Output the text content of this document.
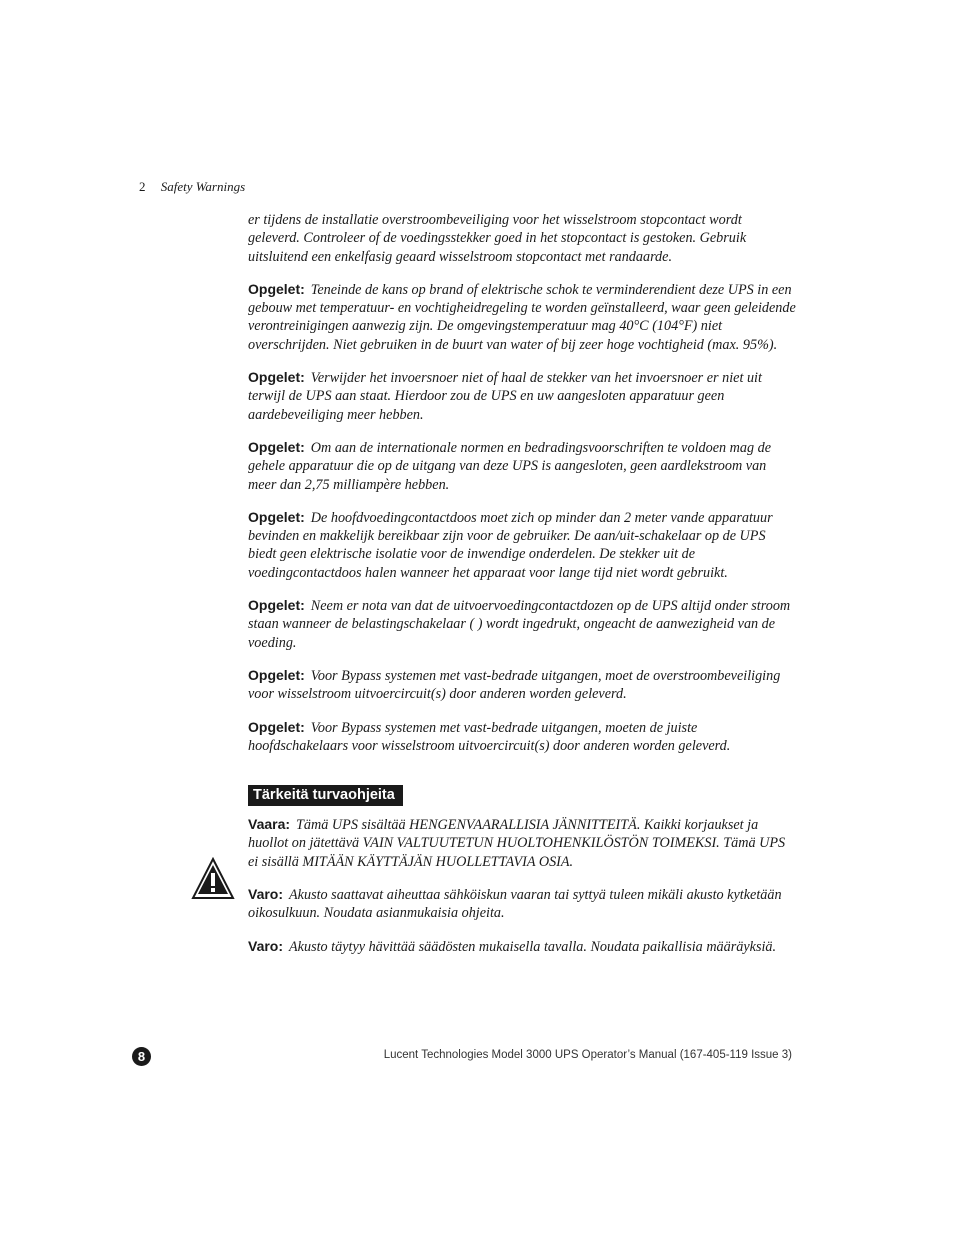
2 Safety Warnings

er tijdens de installatie overstroombeveiliging voor het wisselstroom stopcontact wordt geleverd. Controleer of de voedingsstekker goed in het stopcontact is gestoken. Gebruik uitsluitend een enkelfasig geaard wisselstroom stopcontact met randaarde.

Opgelet: Teneinde de kans op brand of elektrische schok te verminderendient deze UPS in een gebouw met temperatuur- en vochtigheidregeling te worden geïnstalleerd, waar geen geleidende verontreinigingen aanwezig zijn. De omgevingstemperatuur mag 40°C (104°F) niet overschrijden. Niet gebruiken in de buurt van water of bij zeer hoge vochtigheid (max. 95%).

Opgelet: Verwijder het invoersnoer niet of haal de stekker van het invoersnoer er niet uit terwijl de UPS aan staat. Hierdoor zou de UPS en uw aangesloten apparatuur geen aardebeveiliging meer hebben.

Opgelet: Om aan de internationale normen en bedradingsvoorschriften te voldoen mag de gehele apparatuur die op de uitgang van deze UPS is aangesloten, geen aardlekstroom van meer dan 2,75 milliampère hebben.

Opgelet: De hoofdvoedingcontactdoos moet zich op minder dan 2 meter vande apparatuur bevinden en makkelijk bereikbaar zijn voor de gebruiker. De aan/uit-schakelaar op de UPS biedt geen elektrische isolatie voor de inwendige onderdelen. De stekker uit de voedingcontactdoos halen wanneer het apparaat voor lange tijd niet wordt gebruikt.

Opgelet: Neem er nota van dat de uitvoervoedingcontactdozen op de UPS altijd onder stroom staan wanneer de belastingschakelaar ( ) wordt ingedrukt, ongeacht de aanwezigheid van de voeding.

Opgelet: Voor Bypass systemen met vast-bedrade uitgangen, moet de overstroombeveiliging voor wisselstroom uitvoercircuit(s) door anderen worden geleverd.

Opgelet: Voor Bypass systemen met vast-bedrade uitgangen, moeten de juiste hoofdschakelaars voor wisselstroom uitvoercircuit(s) door anderen worden geleverd.

Tärkeitä turvaohjeita

Vaara: Tämä UPS sisältää HENGENVAARALLISIA JÄNNITTEITÄ. Kaikki korjaukset ja huollot on jätettävä VAIN VALTUUTETUN HUOLTOHENKILÖSTÖN TOIMEKSI. Tämä UPS ei sisällä MITÄÄN KÄYTTÄJÄN HUOLLETTAVIA OSIA.

Varo: Akusto saattavat aiheuttaa sähköiskun vaaran tai syttyä tuleen mikäli akusto kytketään oikosulkuun. Noudata asianmukaisia ohjeita.

Varo: Akusto täytyy hävittää säädösten mukaisella tavalla. Noudata paikallisia määräyksiä.

8	Lucent Technologies Model 3000 UPS Operator’s Manual (167-405-119 Issue 3)
